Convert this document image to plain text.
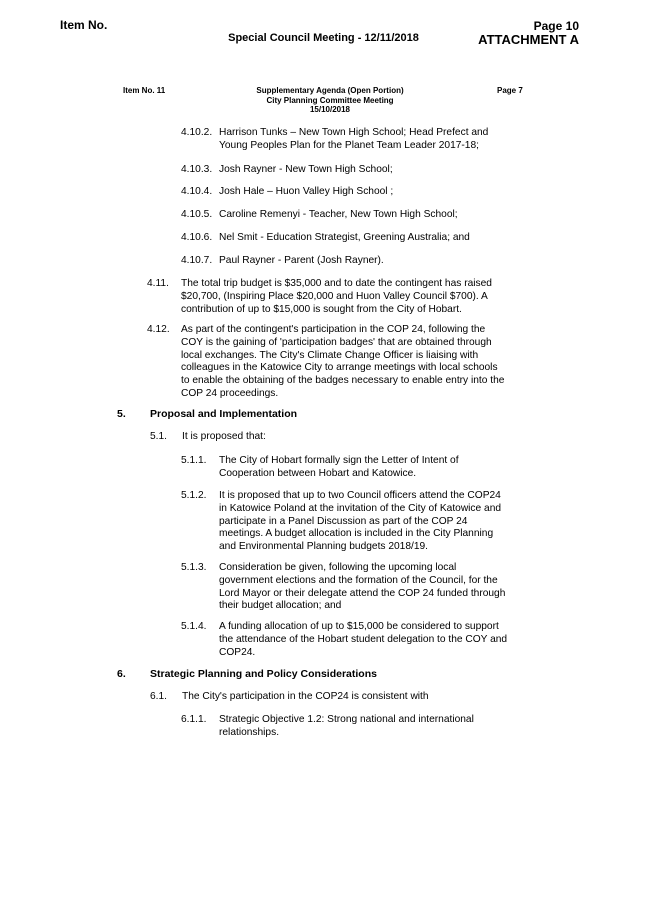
Item No.
Special Council Meeting - 12/11/2018
Page 10
ATTACHMENT A
Item No. 11	Supplementary Agenda (Open Portion)
City Planning Committee Meeting
15/10/2018
Page 7
4.10.2. Harrison Tunks – New Town High School; Head Prefect and
Young Peoples Plan for the Planet Team Leader 2017-18;
4.10.3. Josh Rayner - New Town High School;
4.10.4. Josh Hale – Huon Valley High School ;
4.10.5. Caroline Remenyi - Teacher, New Town High School;
4.10.6. Nel Smit - Education Strategist, Greening Australia; and
4.10.7. Paul Rayner - Parent (Josh Rayner).
4.11. The total trip budget is $35,000 and to date the contingent has raised
$20,700, (Inspiring Place $20,000 and Huon Valley Council $700). A
contribution of up to $15,000 is sought from the City of Hobart.
4.12. As part of the contingent's participation in the COP 24, following the
COY is the gaining of 'participation badges' that are obtained through
local exchanges. The City's Climate Change Officer is liaising with
colleagues in the Katowice City to arrange meetings with local schools
to enable the obtaining of the badges necessary to enable entry into the
COP 24 proceedings.
5. Proposal and Implementation
5.1. It is proposed that:
5.1.1. The City of Hobart formally sign the Letter of Intent of
Cooperation between Hobart and Katowice.
5.1.2. It is proposed that up to two Council officers attend the COP24
in Katowice Poland at the invitation of the City of Katowice and
participate in a Panel Discussion as part of the COP 24
meetings. A budget allocation is included in the City Planning
and Environmental Planning budgets 2018/19.
5.1.3. Consideration be given, following the upcoming local
government elections and the formation of the Council, for the
Lord Mayor or their delegate attend the COP 24 funded through
their budget allocation; and
5.1.4. A funding allocation of up to $15,000 be considered to support
the attendance of the Hobart student delegation to the COY and
COP24.
6. Strategic Planning and Policy Considerations
6.1. The City's participation in the COP24 is consistent with
6.1.1. Strategic Objective 1.2: Strong national and international
relationships.
